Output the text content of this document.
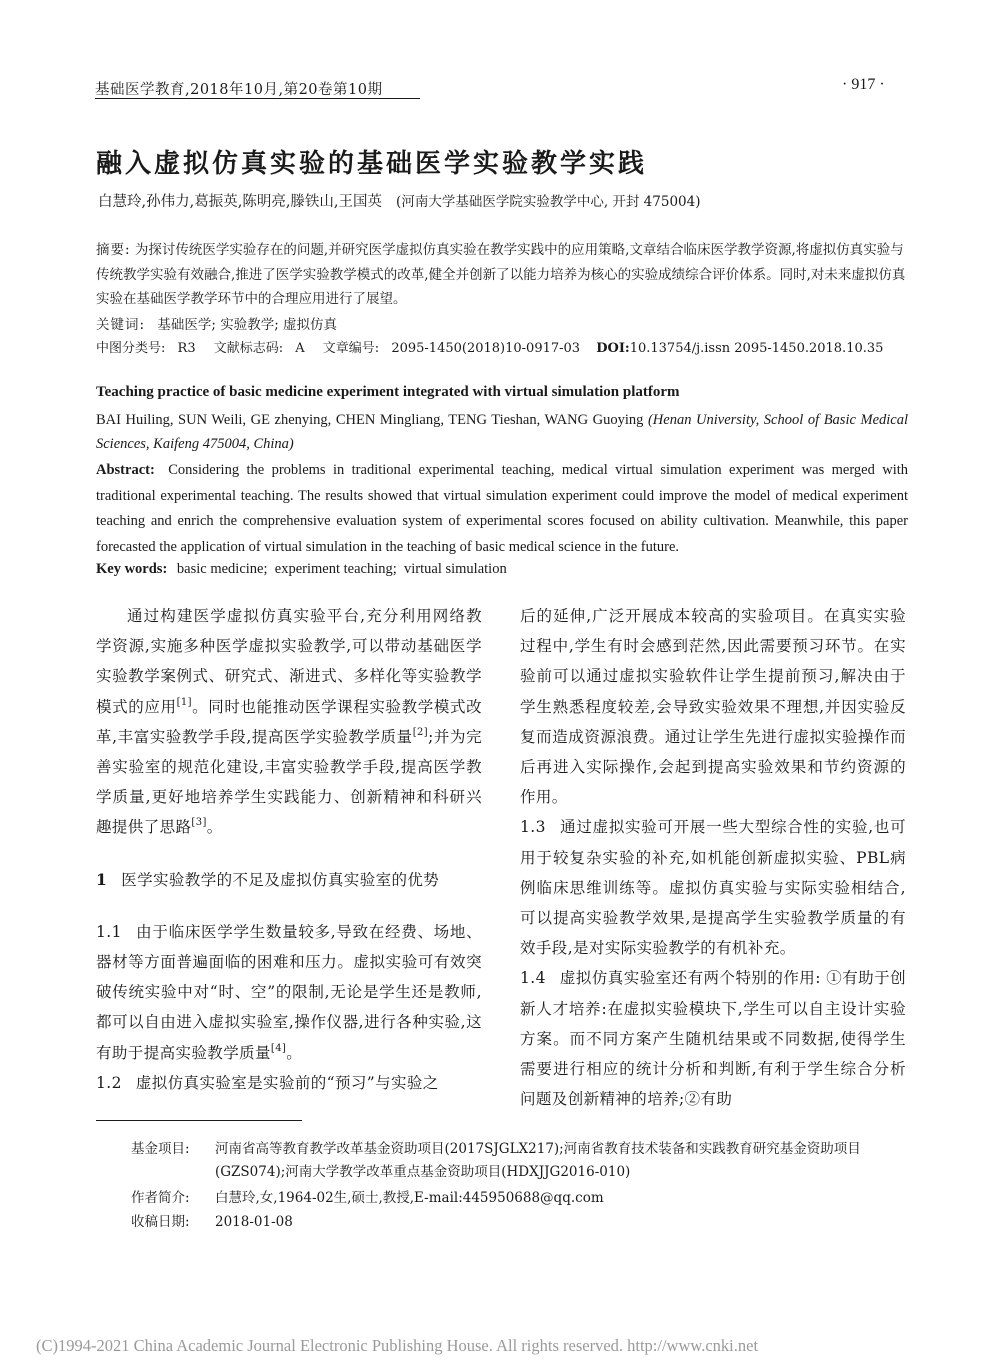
基础医学教育,2018年10月,第20卷第10期	· 917 ·
融入虚拟仿真实验的基础医学实验教学实践
白慧玲,孙伟力,葛振英,陈明亮,滕铁山,王国英 (河南大学基础医学院实验教学中心, 开封 475004)
摘要: 为探讨传统医学实验存在的问题,并研究医学虚拟仿真实验在教学实践中的应用策略,文章结合临床医学教学资源,将虚拟仿真实验与传统教学实验有效融合,推进了医学实验教学模式的改革,健全并创新了以能力培养为核心的实验成绩综合评价体系。同时,对未来虚拟仿真实验在基础医学教学环节中的合理应用进行了展望。
关键词: 基础医学; 实验教学; 虚拟仿真
中图分类号: R3 文献标志码: A 文章编号: 2095-1450(2018)10-0917-03 DOI:10.13754/j.issn 2095-1450.2018.10.35
Teaching practice of basic medicine experiment integrated with virtual simulation platform
BAI Huiling, SUN Weili, GE zhenying, CHEN Mingliang, TENG Tieshan, WANG Guoying (Henan University, School of Basic Medical Sciences, Kaifeng 475004, China)
Abstract: Considering the problems in traditional experimental teaching, medical virtual simulation experiment was merged with traditional experimental teaching. The results showed that virtual simulation experiment could improve the model of medical experiment teaching and enrich the comprehensive evaluation system of experimental scores focused on ability cultivation. Meanwhile, this paper forecasted the application of virtual simulation in the teaching of basic medical science in the future.
Key words: basic medicine;  experiment teaching;  virtual simulation

通过构建医学虚拟仿真实验平台,充分利用网络教学资源,实施多种医学虚拟实验教学,可以带动基础医学实验教学案例式、研究式、渐进式、多样化等实验教学模式的应用[1]。同时也能推动医学课程实验教学模式改革,丰富实验教学手段,提高医学实验教学质量[2];并为完善实验室的规范化建设,丰富实验教学手段,提高医学教学质量,更好地培养学生实践能力、创新精神和科研兴趣提供了思路[3]。

1 医学实验教学的不足及虚拟仿真实验室的优势

1.1 由于临床医学学生数量较多,导致在经费、场地、器材等方面普遍面临的困难和压力。虚拟实验可有效突破传统实验中对“时、空”的限制,无论是学生还是教师,都可以自由进入虚拟实验室,操作仪器,进行各种实验,这有助于提高实验教学质量[4]。

1.2 虚拟仿真实验室是实验前的“预习”与实验之

后的延伸,广泛开展成本较高的实验项目。在真实实验过程中,学生有时会感到茫然,因此需要预习环节。在实验前可以通过虚拟实验软件让学生提前预习,解决由于学生熟悉程度较差,会导致实验效果不理想,并因实验反复而造成资源浪费。通过让学生先进行虚拟实验操作而后再进入实际操作,会起到提高实验效果和节约资源的作用。

1.3 通过虚拟实验可开展一些大型综合性的实验,也可用于较复杂实验的补充,如机能创新虚拟实验、PBL病例临床思维训练等。虚拟仿真实验与实际实验相结合,可以提高实验教学效果,是提高学生实验教学质量的有效手段,是对实际实验教学的有机补充。

1.4 虚拟仿真实验室还有两个特别的作用: ①有助于创新人才培养:在虚拟实验模块下,学生可以自主设计实验方案。而不同方案产生随机结果或不同数据,使得学生需要进行相应的统计分析和判断,有利于学生综合分析问题及创新精神的培养;②有助

基金项目: 河南省高等教育教学改革基金资助项目(2017SJGLX217);河南省教育技术装备和实践教育研究基金资助项目(GZS074);河南大学教学改革重点基金资助项目(HDXJJG2016-010)
作者简介: 白慧玲,女,1964-02生,硕士,教授,E-mail:445950688@qq.com
收稿日期: 2018-01-08
(C)1994-2021 China Academic Journal Electronic Publishing House. All rights reserved. http://www.cnki.net
